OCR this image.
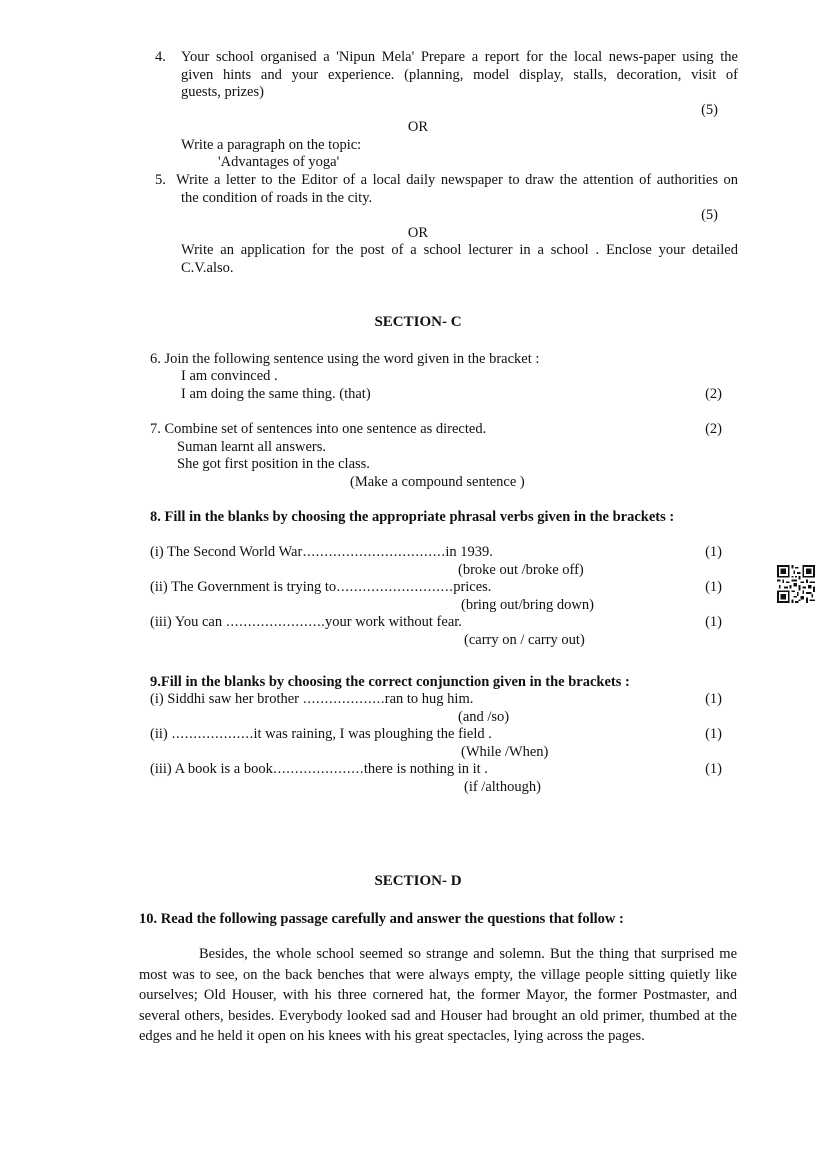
4. Your school organised a 'Nipun Mela' Prepare a report for the local news-paper using the
given hints and your experience. (planning, model display, stalls, decoration, visit of
guests, prizes)
(5)
OR
Write a paragraph on the topic:
'Advantages of yoga'
5. Write a letter to the Editor of a local daily newspaper to draw the attention of authorities on
the condition of roads in the city.
(5)
OR
Write an application for the post of a school lecturer in a school . Enclose your detailed
C.V.also.
SECTION- C
6. Join the following sentence using the word given in the bracket :
I am convinced .
I am doing the same thing. (that)	(2)
7. Combine set of sentences into one sentence as directed.	(2)
Suman learnt all answers.
She got first position in the class.
(Make a compound sentence )
8. Fill in the blanks by choosing the appropriate phrasal verbs given in the brackets :
(i) The Second World War……………………………in 1939.	(1)
(broke out /broke off)
(ii) The Government is trying to………………………prices.	(1)
(bring out/bring down)
(iii) You can …………………..your work without fear.	(1)
(carry on / carry out)
9.Fill in the blanks by choosing the correct conjunction given in the brackets :
(i) Siddhi saw her brother ……………….ran to hug him.	(1)
(and /so)
(ii) ……………….it was raining, I was ploughing the field .	(1)
(While /When)
(iii) A book is a book…………………there is nothing in it .	(1)
(if /although)
SECTION- D
10. Read the following passage carefully and answer the questions that follow :

Besides, the whole school seemed so strange and solemn. But the thing that surprised me most was to see, on the back benches that were always empty, the village people sitting quietly like ourselves; Old Houser, with his three cornered hat, the former Mayor, the former Postmaster, and several others, besides. Everybody looked sad and Houser had brought an old primer, thumbed at the edges and he held it open on his knees with his great spectacles, lying across the pages.
